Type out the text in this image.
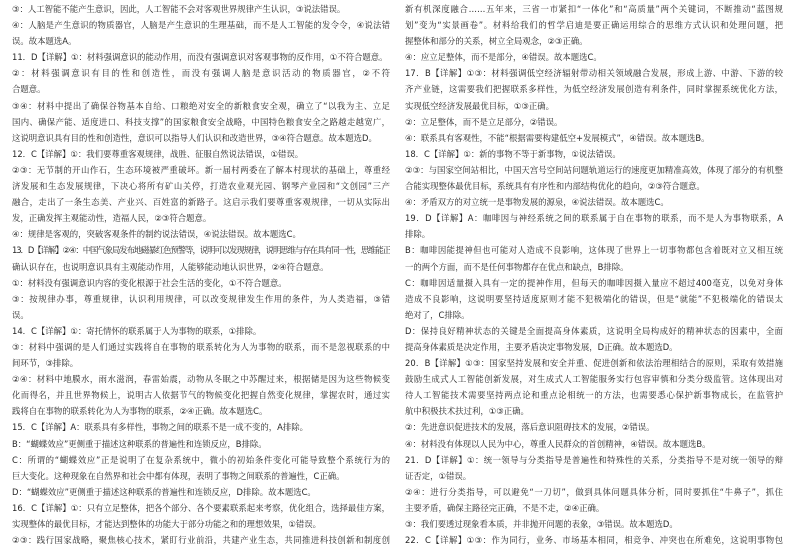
③：人工智能不能产生意识，因此，人工智能不会对客观世界规律产生认识，③说法错误。
④：人脑是产生意识的物质器官，人脑是产生意识的生理基础，而不是人工智能的发令令，④说法错
误。故本题选A。
11．D【详解】①：材料强调意识的能动作用，而没有强调意识对客观事物的反作用，①不符合题意。
②：材料强调意识有目的性和创造性，而没有强调人脑是意识活动的物质器官，②不符
合题意。
③④：材料中提出了确保谷物基本自给、口粮绝对安全的新粮食安全观，确立了“以我为主、立足
国内、确保产能、适度进口、科技支撑”的国家粮食安全战略，中国特色粮食安全之路越走越宽广，
这说明意识具有目的性和创造性，意识可以指导人们认识和改造世界，③④符合题意。故本题选D。
12．C【详解】①：我们要尊重客观规律，战胜、征服自然说法错误，①错误。
②③：无节制的开山作石，生态环境被严重破坏。新一届村两委在了解本村现状的基础上，尊重经
济发展和生态发展规律，下决心将所有矿山关停，打造农业观光园、钢琴产业园和“文创园”三产
融合，走出了一条生态美、产业兴、百姓富的新路子。这启示我们要尊重客观规律，一切从实际出
发，正确发挥主观能动性，造福人民，②③符合题意。
④：规律是客观的，突破客观条件的制约说法错误，④说法错误。故本题选C。
13．D【详解】②④：中国气象局发布地磁暴红色预警等，说明可以发现规律，说明思维与存在具有同一性，思维能正
确认识存在，也说明意识具有主观能动作用，人能够能动地认识世界，②④符合题意。
①：材料没有强调意识内容的变化根源于社会生活的变化，①不符合题意。
③：按规律办事，尊重规律，认识利用规律，可以改变规律发生作用的条件，为人类造福，③错
误。
14．C【详解】①：寄托情怀的联系属于人为事物的联系，①排除。
③：材料中强调的是人们通过实践将自在事物的联系转化为人为事物的联系，而不是忽视联系的中
间环节，③排除。
②④：材料中地膜水，雨水滋润，春雷始震，动物从冬眠之中苏醒过来，根据储是因为这些物候变
化而得名，并且世界物候上，说明古人依据节气的物候变化把握自然变化规律，掌握农时，通过实
践将自在事物的联系转化为人为事物的联系，②④正确。故本题选C。
15．C【详解】A：联系具有多样性，事物之间的联系不是一成不变的，A排除。
B：“蝴蝶效应”更侧重于描述这种联系的普遍性和连锁反应，B排除。
C：所谓的“蝴蝶效应”正是说明了在复杂系统中，微小的初始条件变化可能导致整个系统行为的
巨大变化。这种现象在自然界和社会中都有体现，表明了事物之间联系的普遍性，C正确。
D：“蝴蝶效应”更侧重于描述这种联系的普遍性和连锁反应，D排除。故本题选C。
16．C【详解】①：只有立足整体，把各个部分、各个要素联系起来考察，优化组合，选择最佳方案，
实现整体的最优目标，才能达到整体的功能大于部分功能之和的理想效果，①错误。
②③：践行国家战略，聚焦核心技术，紧盯行业前沿，共建产业生态，共同推进科技创新和制度创
新有机深度融合……五年来，三省一市紧扣“一体化”和“高质量”两个关键词，不断推动“蓝图规
划”变为“实景画卷”。材料给我们的哲学启迪是要正确运用综合的思维方式认识和处理问题，把
握整体和部分的关系，树立全局观念，②③正确。
④：应立足整体，而不是部分，④错误。故本题选C。
17．B【详解】①③：材料强调低空经济辐射带动相关领域融合发展，形成上游、中游、下游的较
齐产业链，这需要我们把握联系多样性，为低空经济发展创造有利条件，同时掌握系统优化方法，
实现低空经济发展最优目标，①③正确。
②：立足整体，而不是立足部分，②错误。
④：联系具有客观性，不能“根据需要构建低空+发展模式”，④错误。故本题选B。
18．C【详解】①：新的事物不等于新事物，①说法错误。
②③：与国家空间站相比，中国天宫号空间站问题轨道运行的速度更加精准高效，体现了部分的有机整
合能实现整体最优目标，系统具有有序性和内部结构优化的趋向，②③符合题意。
④：矛盾双方的对立统一是事物发展的源泉，④说法错误。故本题选C。
19．D【详解】A：咖啡因与神经系统之间的联系属于自在事物的联系，而不是人为事物联系，A
排除。
B：咖啡因能提神但也可能对人造成不良影响，这体现了世界上一切事物都包含着既对立又相互统
一的两个方面，而不是任何事物都存在优点和缺点，B排除。
C：咖啡因适量摄入具有一定的提神作用，但每天的咖啡因摄入量应不超过400毫克，以免对身体
造成不良影响，这说明要坚持适度原则才能不犯极端化的错误，但是“就能”不犯极端化的错误太
绝对了，C排除。
D：保持良好精神状态的关键是全面提高身体素质，这说明全局构成好的精神状态的因素中，全面
提高身体素质是决定作用，主要矛盾决定事物发展，D正确。故本题选D。
20．B【详解】①③：国家坚持发展和安全并重、促进创新和依法治理相结合的原则，采取有效措施
鼓励生成式人工智能创新发展，对生成式人工智能服务实行包容审慎和分类分级监管。这体现出对
待人工智能技术需要坚持两点论和重点论相统一的方法，也需要悉心保护新事物成长，在监管护
航中积极扶术扶过利，①③正确。
②：先进意识促进技术的发展，落后意识阻碍技术的发展，②错误。
④：材料没有体现以人民为中心，尊重人民群众的首创精神，④错误。故本题选B。
21．D【详解】①：统一领导与分类指导是普遍性和特殊性的关系，分类指导不是对统一领导的辩
证否定，①错误。
②④：进行分类指导，可以避免“一刀切”，做到具体问题具体分析，同时要抓住“牛鼻子”，抓住
主要矛盾，确保主路径完正确，不是不走，②④正确。
③：我们要透过现象看本质，并非抛开问题的表象，③错误。故本题选D。
22．C【详解】①③：作为同行，业务、市场基本相同，相竞争、冲突也在所难免，这说明事物包
